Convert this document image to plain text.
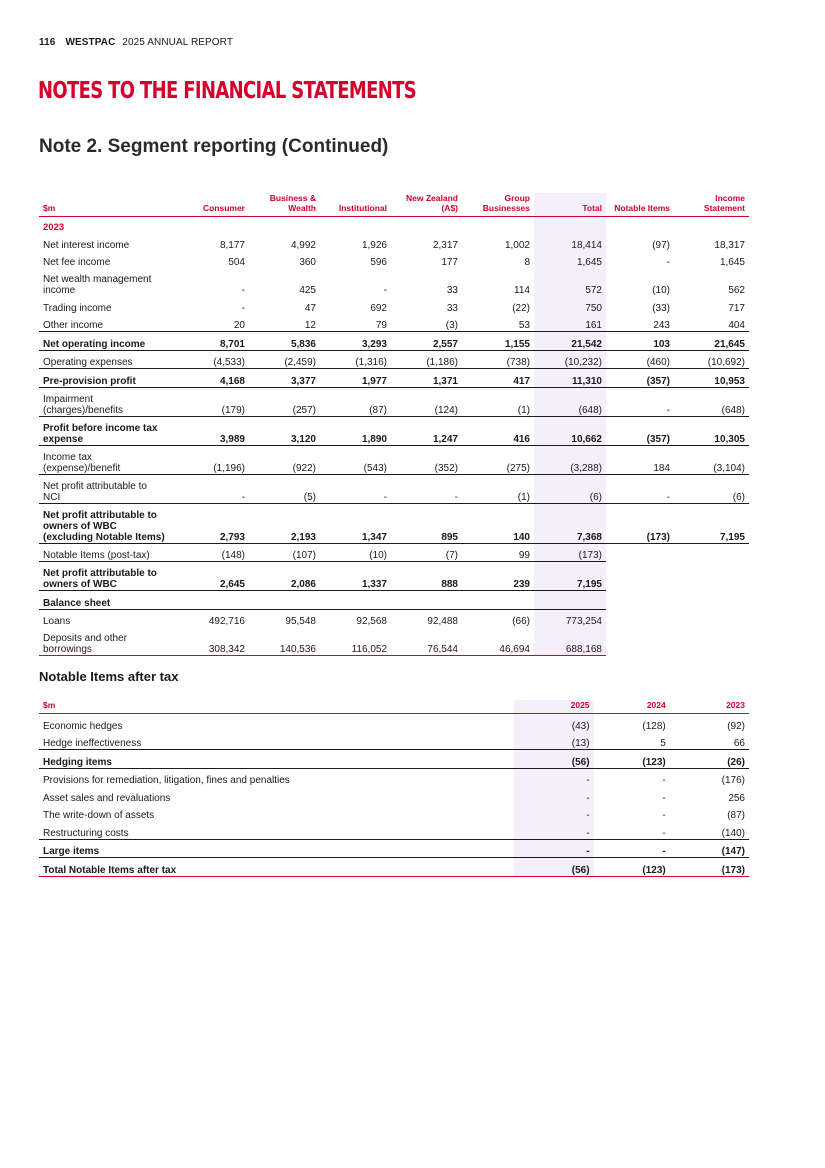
116 WESTPAC 2025 ANNUAL REPORT
NOTES TO THE FINANCIAL STATEMENTS
Note 2. Segment reporting (Continued)
$m	Consumer	Business & Wealth	Institutional	New Zealand (A$)	Group Businesses	Total	Notable Items	Income Statement
2023								
Net interest income	8,177	4,992	1,926	2,317	1,002	18,414	(97)	18,317
Net fee income	504	360	596	177	8	1,645	-	1,645
Net wealth management income	-	425	-	33	114	572	(10)	562
Trading income	-	47	692	33	(22)	750	(33)	717
Other income	20	12	79	(3)	53	161	243	404
Net operating income	8,701	5,836	3,293	2,557	1,155	21,542	103	21,645
Operating expenses	(4,533)	(2,459)	(1,316)	(1,186)	(738)	(10,232)	(460)	(10,692)
Pre-provision profit	4,168	3,377	1,977	1,371	417	11,310	(357)	10,953
Impairment (charges)/benefits	(179)	(257)	(87)	(124)	(1)	(648)	-	(648)
Profit before income tax expense	3,989	3,120	1,890	1,247	416	10,662	(357)	10,305
Income tax (expense)/benefit	(1,196)	(922)	(543)	(352)	(275)	(3,288)	184	(3,104)
Net profit attributable to NCI	-	(5)	-	-	(1)	(6)	-	(6)
Net profit attributable to owners of WBC (excluding Notable Items)	2,793	2,193	1,347	895	140	7,368	(173)	7,195
Notable Items (post-tax)	(148)	(107)	(10)	(7)	99	(173)		
Net profit attributable to owners of WBC	2,645	2,086	1,337	888	239	7,195		
Balance sheet								
Loans	492,716	95,548	92,568	92,488	(66)	773,254		
Deposits and other borrowings	308,342	140,536	116,052	76,544	46,694	688,168		
Notable Items after tax
$m	2025	2024	2023
Economic hedges	(43)	(128)	(92)
Hedge ineffectiveness	(13)	5	66
Hedging items	(56)	(123)	(26)
Provisions for remediation, litigation, fines and penalties	-	-	(176)
Asset sales and revaluations	-	-	256
The write-down of assets	-	-	(87)
Restructuring costs	-	-	(140)
Large items	-	-	(147)
Total Notable Items after tax	(56)	(123)	(173)
